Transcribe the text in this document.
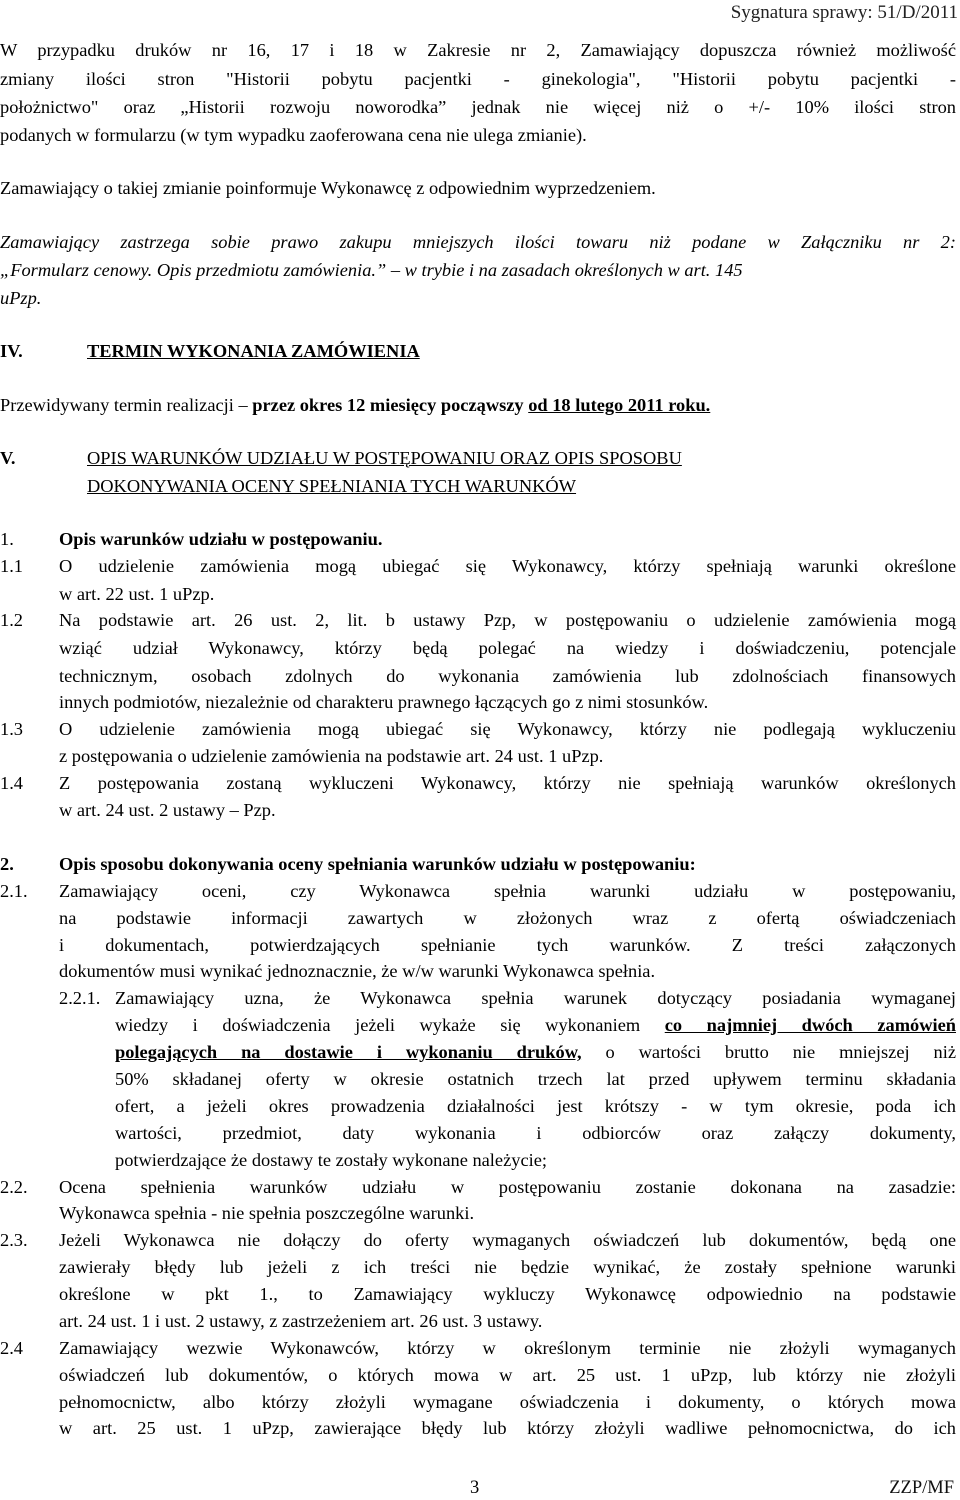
Sygnatura sprawy: 51/D/2011
W przypadku druków nr 16, 17 i 18 w Zakresie nr 2, Zamawiający dopuszcza również możliwość
zmiany ilości stron "Historii pobytu pacjentki - ginekologia", "Historii pobytu pacjentki -
położnictwo" oraz „Historii rozwoju noworodka” jednak nie więcej niż o +/- 10% ilości stron
podanych w formularzu (w tym wypadku zaoferowana cena nie ulega zmianie).
Zamawiający o takiej zmianie poinformuje Wykonawcę z odpowiednim wyprzedzeniem.
Zamawiający zastrzega sobie prawo zakupu mniejszych ilości towaru niż podane w Załączniku nr 2:
„Formularz cenowy. Opis przedmiotu zamówienia.” – w trybie i na zasadach określonych w art. 145
uPzp.
IV.	TERMIN WYKONANIA ZAMÓWIENIA
Przewidywany termin realizacji – przez okres 12 miesięcy począwszy od 18 lutego 2011 roku.
V.	OPIS WARUNKÓW UDZIAŁU W POSTĘPOWANIU ORAZ OPIS SPOSOBU
DOKONYWANIA OCENY SPEŁNIANIA TYCH WARUNKÓW
1. Opis warunków udziału w postępowaniu.
1.1 O udzielenie zamówienia mogą ubiegać się Wykonawcy, którzy spełniają warunki określone
w art. 22 ust. 1 uPzp.
1.2 Na podstawie art. 26 ust. 2, lit. b ustawy Pzp, w postępowaniu o udzielenie zamówienia mogą
wziąć udział Wykonawcy, którzy będą polegać na wiedzy i doświadczeniu, potencjale
technicznym, osobach zdolnych do wykonania zamówienia lub zdolnościach finansowych
innych podmiotów, niezależnie od charakteru prawnego łączących go z nimi stosunków.
1.3 O udzielenie zamówienia mogą ubiegać się Wykonawcy, którzy nie podlegają wykluczeniu
z postępowania o udzielenie zamówienia na podstawie art. 24 ust. 1 uPzp.
1.4 Z postępowania zostaną wykluczeni Wykonawcy, którzy nie spełniają warunków określonych
w art. 24 ust. 2 ustawy – Pzp.
2. Opis sposobu dokonywania oceny spełniania warunków udziału w postępowaniu:
2.1. Zamawiający oceni, czy Wykonawca spełnia warunki udziału w postępowaniu,
na podstawie informacji zawartych w złożonych wraz z ofertą oświadczeniach
i dokumentach, potwierdzających spełnianie tych warunków. Z treści załączonych
dokumentów musi wynikać jednoznacznie, że w/w warunki Wykonawca spełnia.
2.2.1. Zamawiający uzna, że Wykonawca spełnia warunek dotyczący posiadania wymaganej
wiedzy i doświadczenia jeżeli wykaże się wykonaniem co najmniej dwóch zamówień
polegających na dostawie i wykonaniu druków, o wartości brutto nie mniejszej niż
50% składanej oferty w okresie ostatnich trzech lat przed upływem terminu składania
ofert, a jeżeli okres prowadzenia działalności jest krótszy - w tym okresie, poda ich
wartości, przedmiot, daty wykonania i odbiorców oraz załączy dokumenty,
potwierdzające że dostawy te zostały wykonane należycie;
2.2. Ocena spełnienia warunków udziału w postępowaniu zostanie dokonana na zasadzie:
Wykonawca spełnia - nie spełnia poszczególne warunki.
2.3. Jeżeli Wykonawca nie dołączy do oferty wymaganych oświadczeń lub dokumentów, będą one
zawierały błędy lub jeżeli z ich treści nie będzie wynikać, że zostały spełnione warunki
określone w pkt 1., to Zamawiający wykluczy Wykonawcę odpowiednio na podstawie
art. 24 ust. 1 i ust. 2 ustawy, z zastrzeżeniem art. 26 ust. 3 ustawy.
2.4 Zamawiający wezwie Wykonawców, którzy w określonym terminie nie złożyli wymaganych
oświadczeń lub dokumentów, o których mowa w art. 25 ust. 1 uPzp, lub którzy nie złożyli
pełnomocnictw, albo którzy złożyli wymagane oświadczenia i dokumenty, o których mowa
w art. 25 ust. 1 uPzp, zawierające błędy lub którzy złożyli wadliwe pełnomocnictwa, do ich
3	ZZP/MF
